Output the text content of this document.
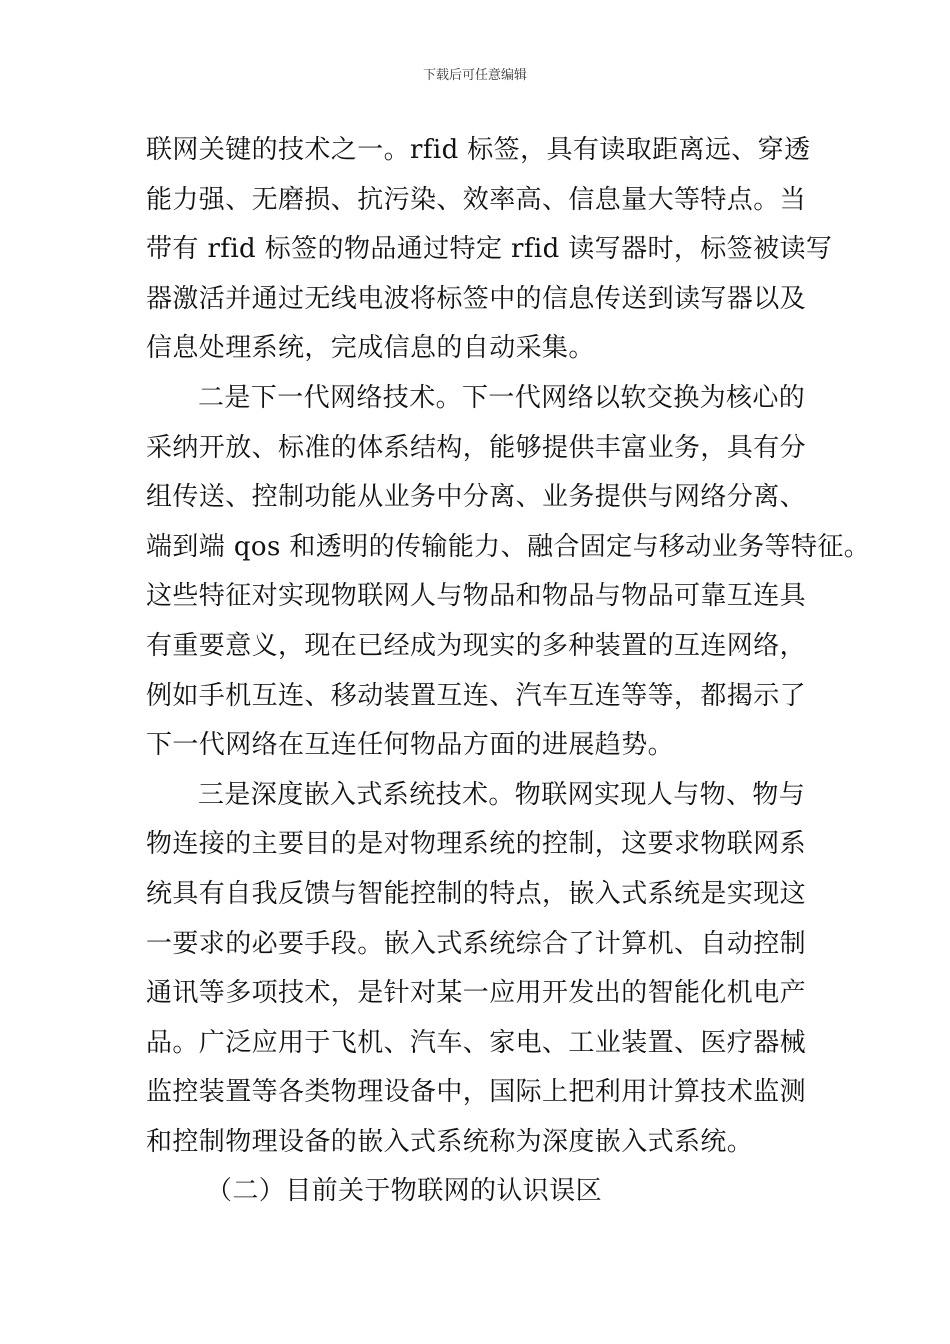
下载后可任意编辑
联网关键的技术之一。rfid 标签，具有读取距离远、穿透
能力强、无磨损、抗污染、效率高、信息量大等特点。当
带有 rfid 标签的物品通过特定 rfid 读写器时，标签被读写
器激活并通过无线电波将标签中的信息传送到读写器以及
信息处理系统，完成信息的自动采集。
二是下一代网络技术。下一代网络以软交换为核心的
采纳开放、标准的体系结构，能够提供丰富业务，具有分
组传送、控制功能从业务中分离、业务提供与网络分离、
端到端 qos 和透明的传输能力、融合固定与移动业务等特征。
这些特征对实现物联网人与物品和物品与物品可靠互连具
有重要意义，现在已经成为现实的多种装置的互连网络，
例如手机互连、移动装置互连、汽车互连等等，都揭示了
下一代网络在互连任何物品方面的进展趋势。
三是深度嵌入式系统技术。物联网实现人与物、物与
物连接的主要目的是对物理系统的控制，这要求物联网系
统具有自我反馈与智能控制的特点，嵌入式系统是实现这
一要求的必要手段。嵌入式系统综合了计算机、自动控制
通讯等多项技术，是针对某一应用开发出的智能化机电产
品。广泛应用于飞机、汽车、家电、工业装置、医疗器械
监控装置等各类物理设备中，国际上把利用计算技术监测
和控制物理设备的嵌入式系统称为深度嵌入式系统。
（二）目前关于物联网的认识误区
